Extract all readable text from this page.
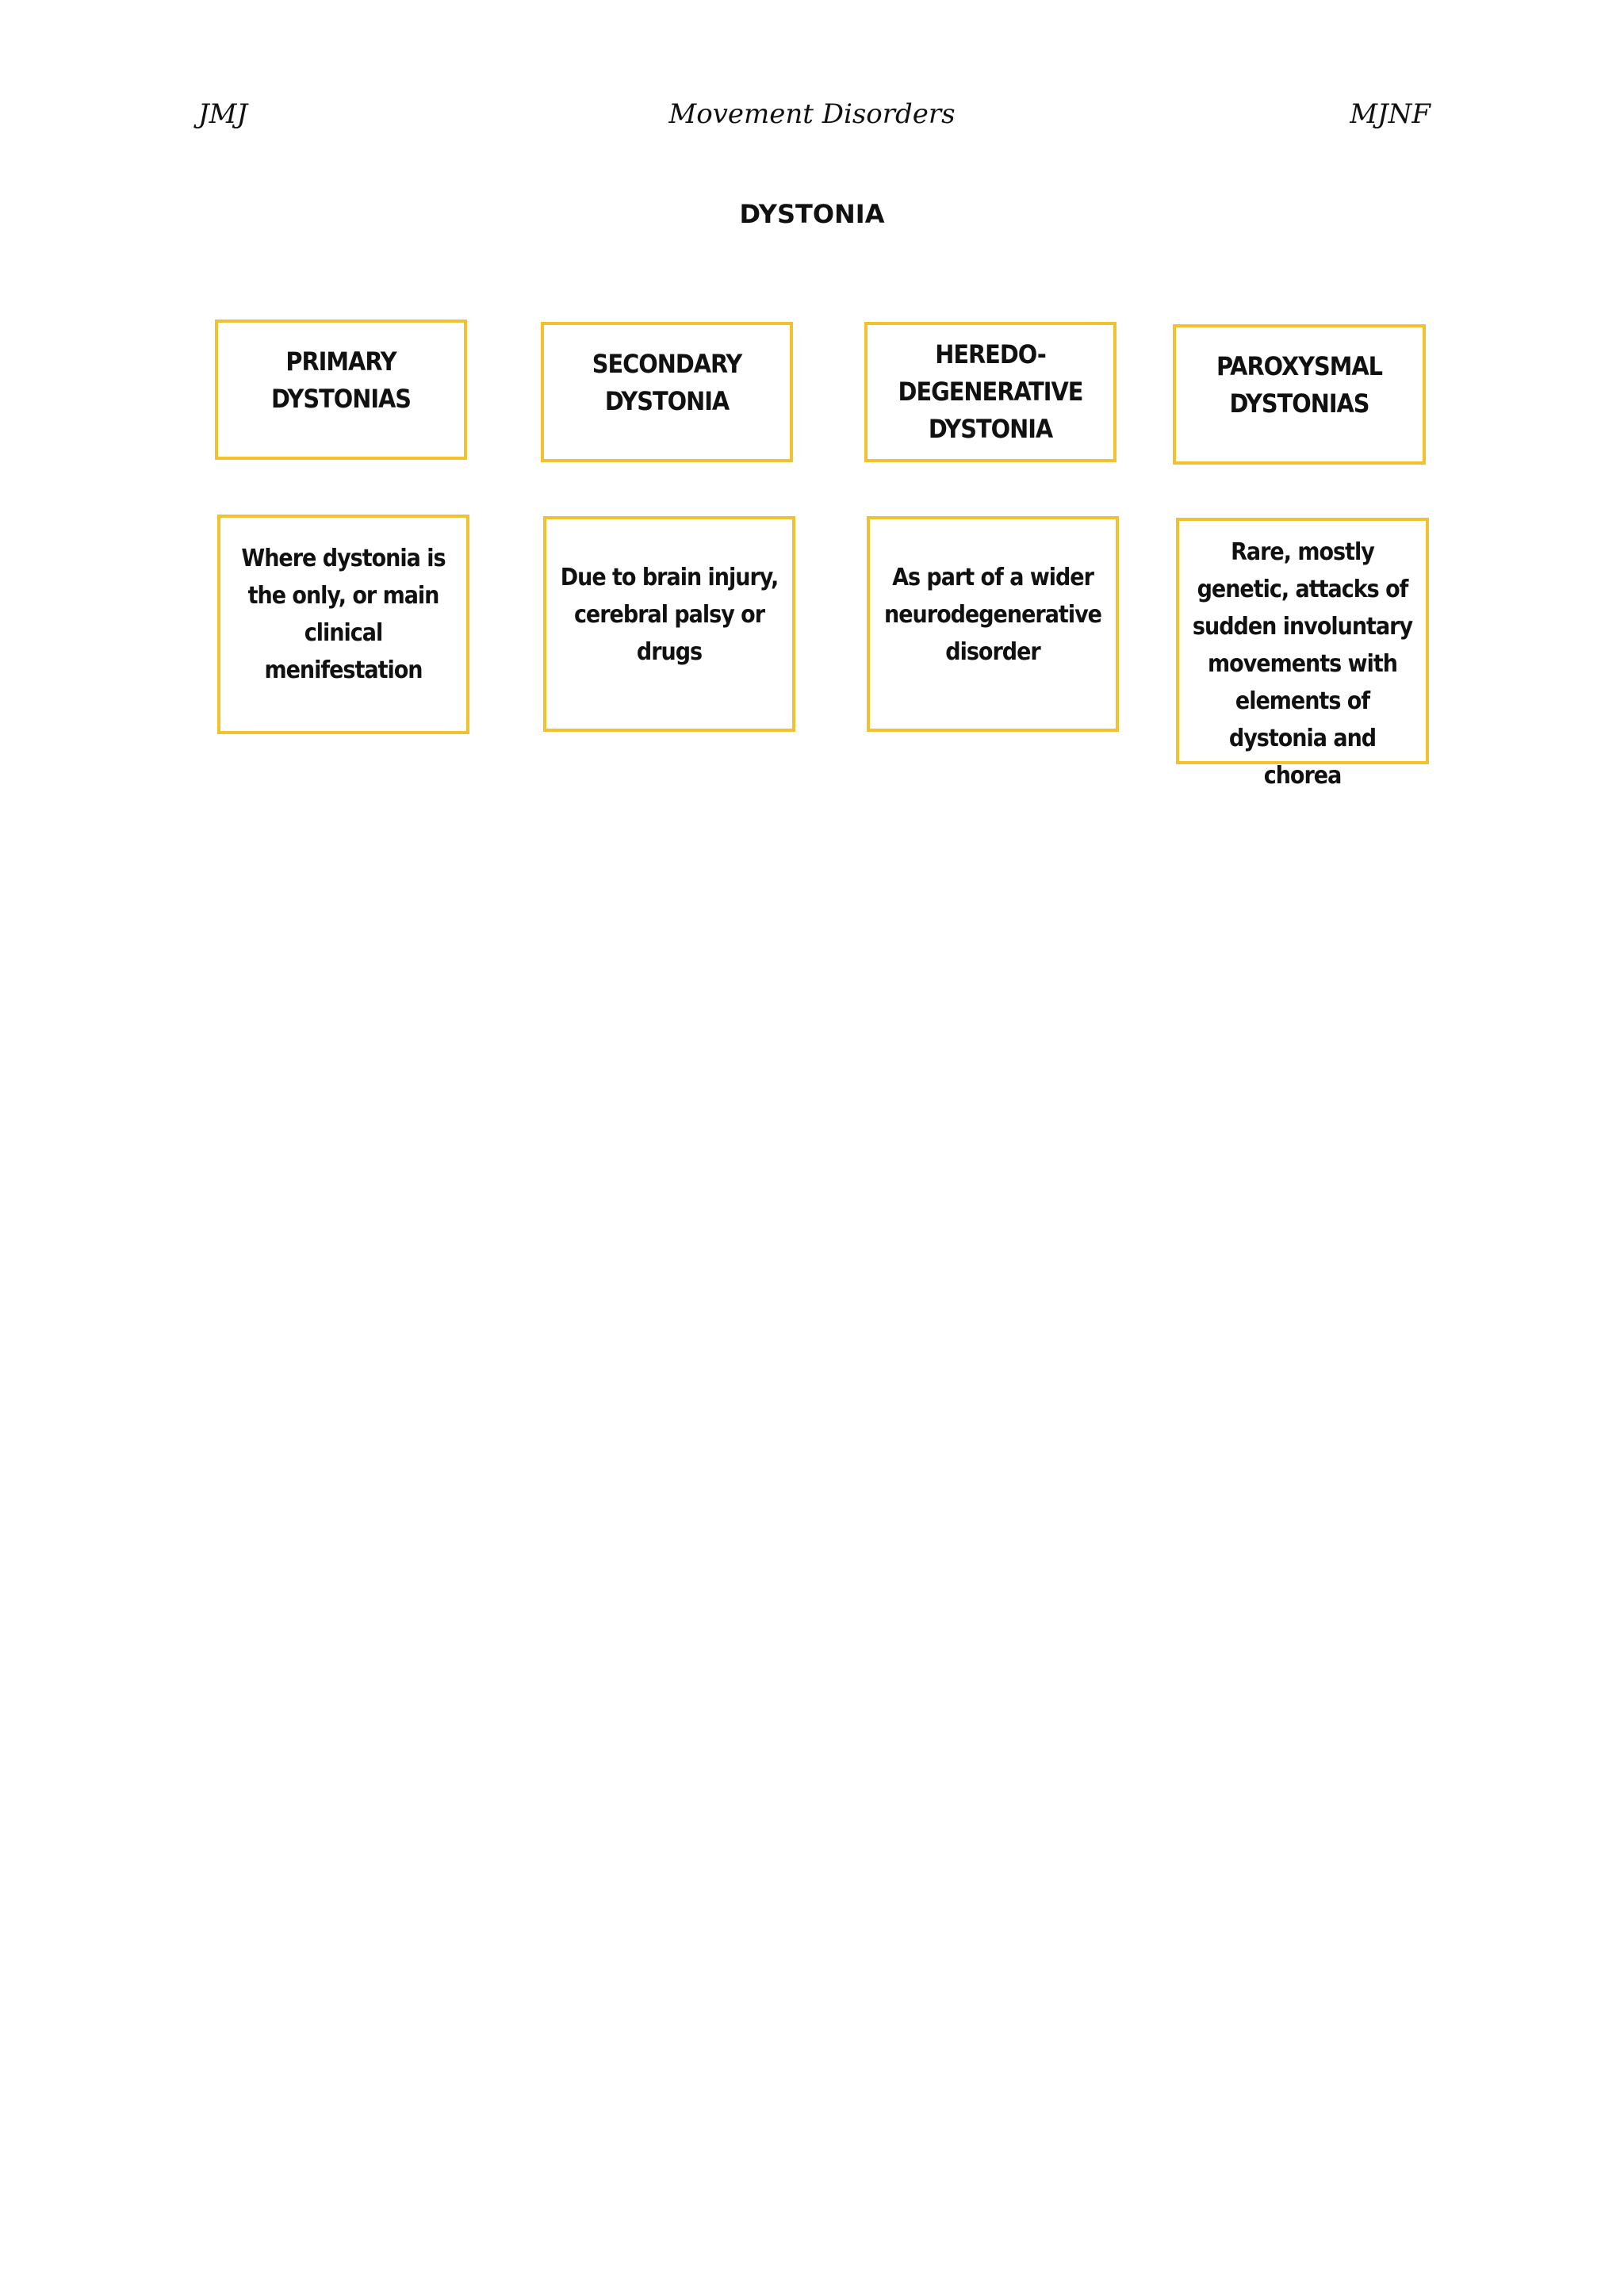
JMJ	Movement Disorders	MJNF
DYSTONIA
PRIMARY
DYSTONIAS
SECONDARY
DYSTONIA
HEREDO-
DEGENERATIVE
DYSTONIA
PAROXYSMAL
DYSTONIAS
Where dystonia is
the only, or main
clinical
menifestation
Due to brain injury,
cerebral palsy or
drugs
As part of a wider
neurodegenerative
disorder
Rare, mostly
genetic, attacks of
sudden involuntary
movements with
elements of
dystonia and chorea
